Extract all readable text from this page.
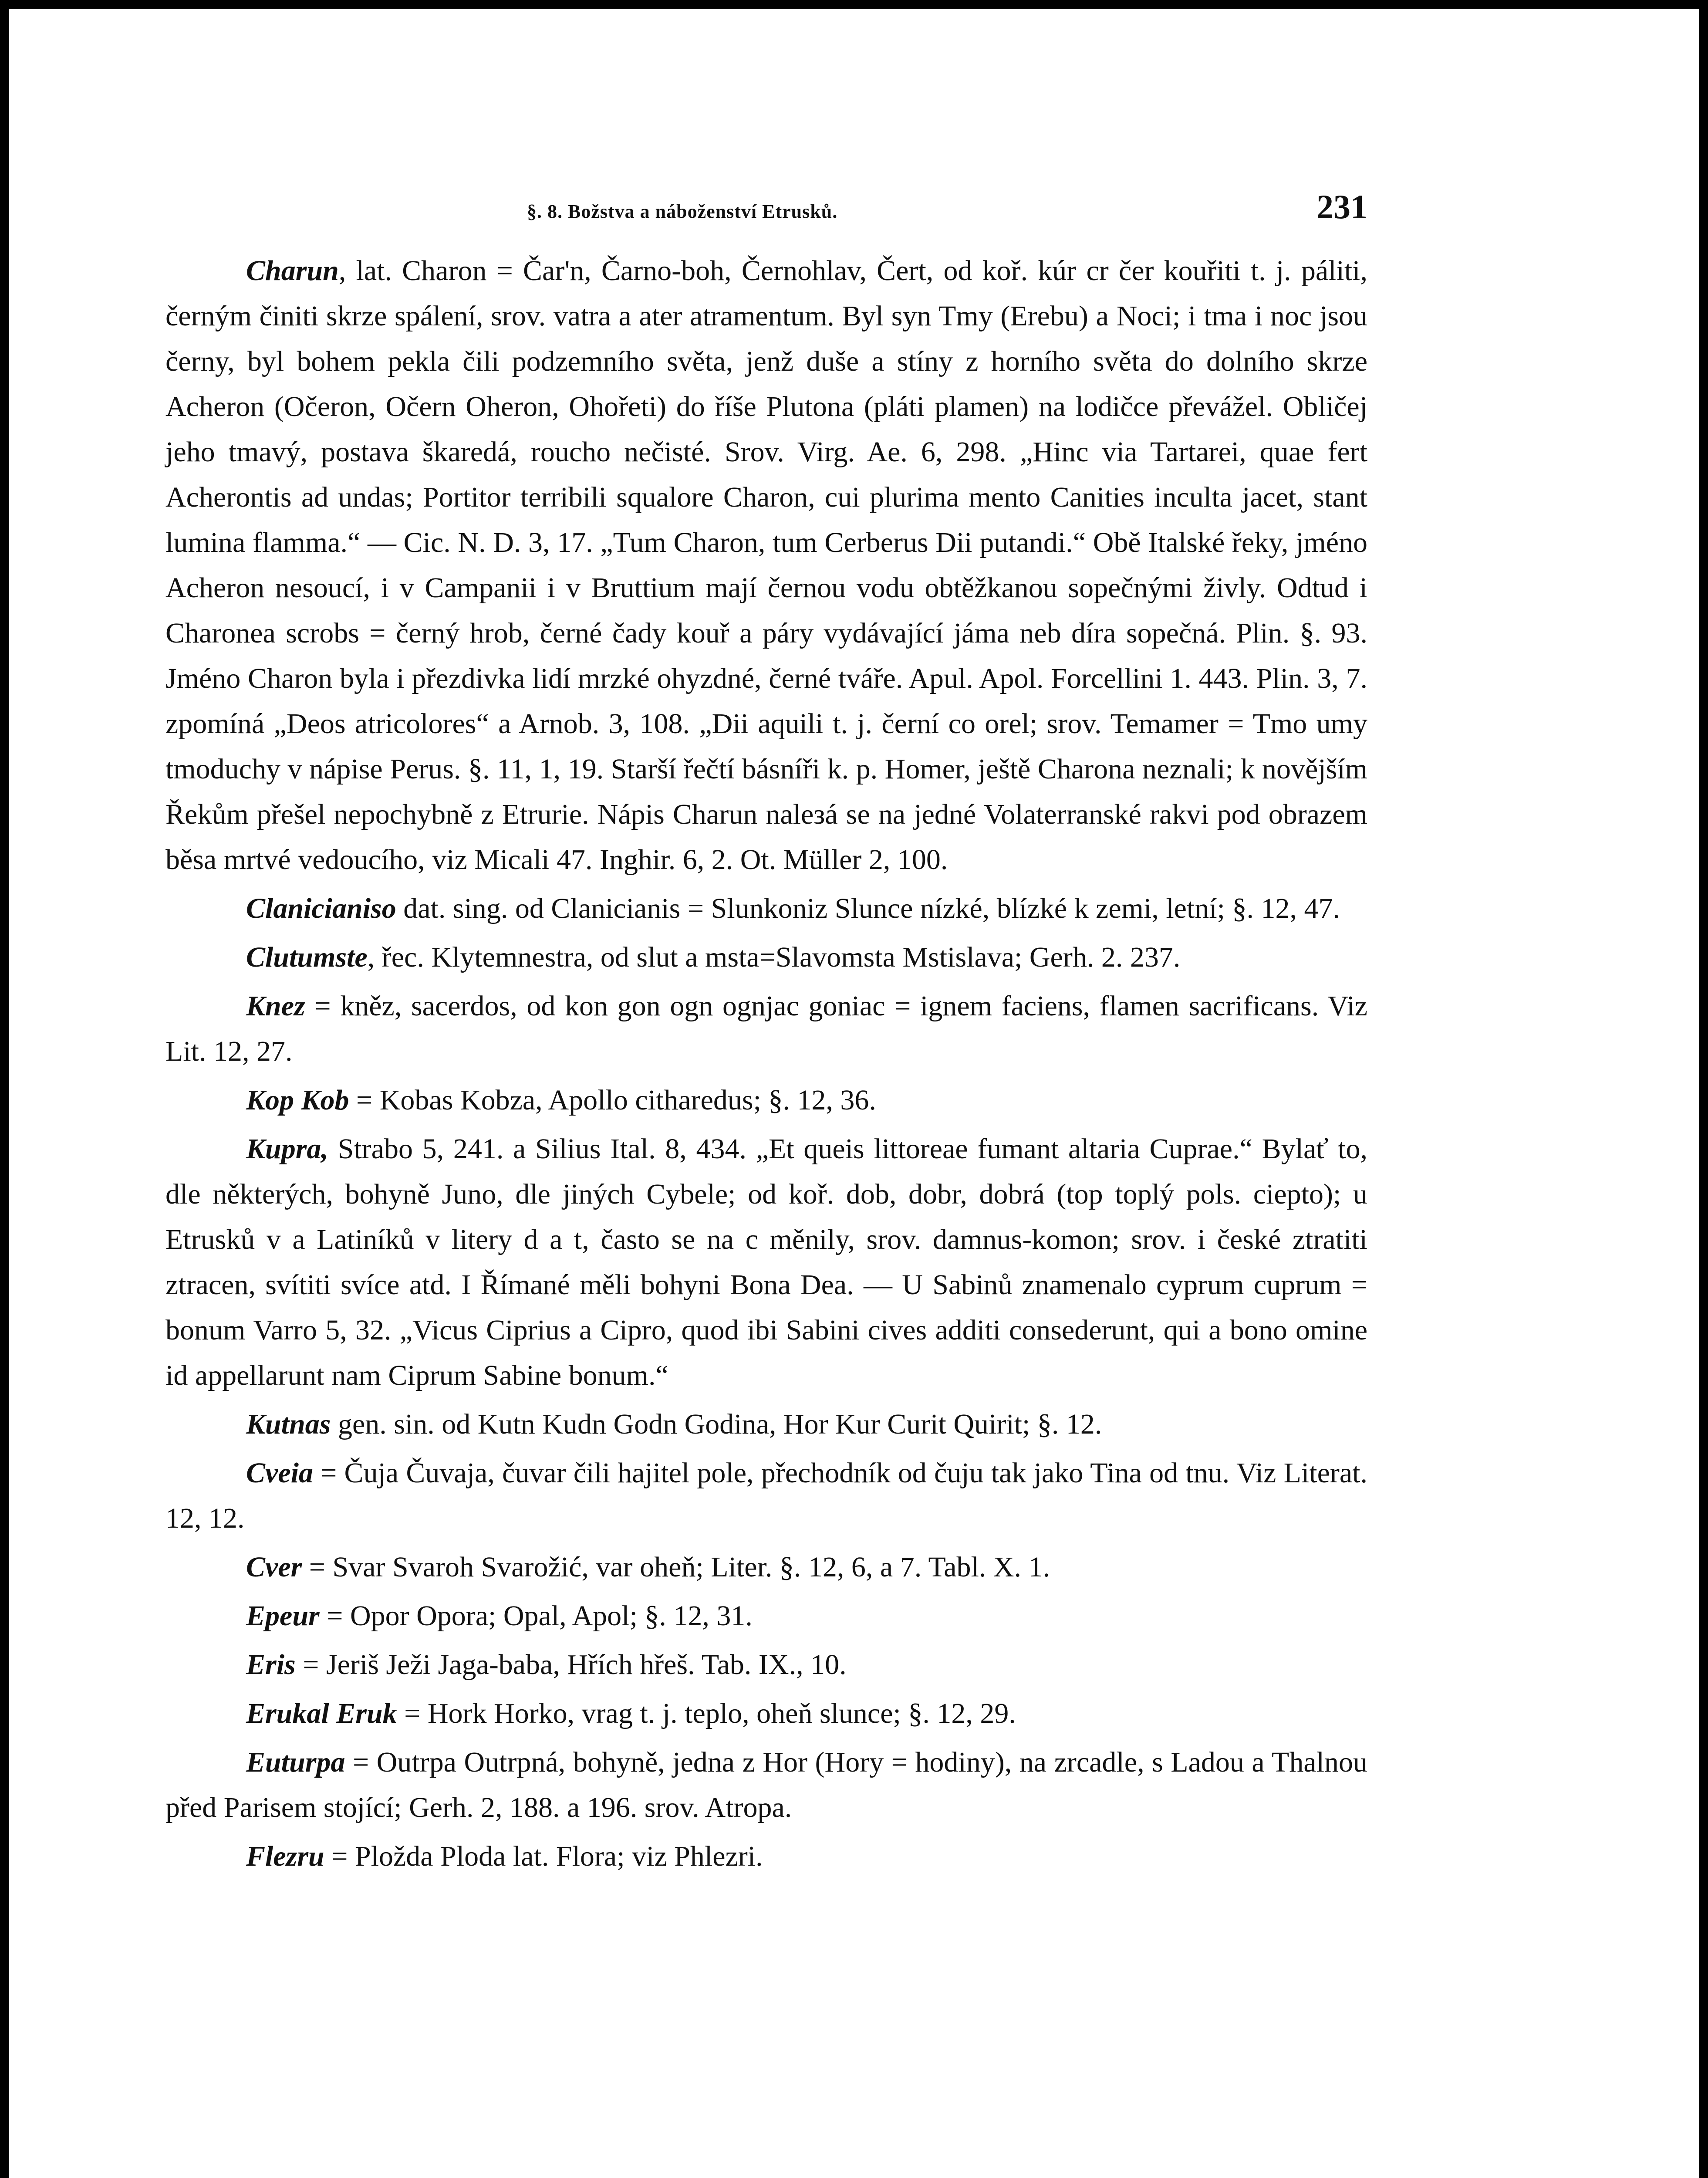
§. 8. Božstva a náboženství Etrusků.	231

Charun, lat. Charon = Čar'n, Čarno-boh, Černohlav, Čert, od koř. kúr cr čer kouřiti t. j. páliti, černým činiti skrze spálení, srov. vatra a ater atramentum. Byl syn Tmy (Erebu) a Noci; i tma i noc jsou černy, byl bohem pekla čili podzemního světa, jenž duše a stíny z horního světa do dolního skrze Acheron (Očeron, Očern Oheron, Ohořeti) do říše Plutona (pláti plamen) na lodičce převážel. Obličej jeho tmavý, postava škaredá, roucho nečisté. Srov. Virg. Ae. 6, 298. „Hinc via Tartarei, quae fert Acherontis ad undas; Portitor terribili squalore Charon, cui plurima mento Canities inculta jacet, stant lumina flamma.“ — Cic. N. D. 3, 17. „Tum Charon, tum Cerberus Dii putandi.“ Obě Italské řeky, jméno Acheron nesoucí, i v Campanii i v Bruttium mají černou vodu obtěžkanou sopečnými živly. Odtud i Charonea scrobs = černý hrob, černé čady kouř a páry vydávající jáma neb díra sopečná. Plin. §. 93. Jméno Charon byla i přezdivka lidí mrzké ohyzdné, černé tváře. Apul. Apol. Forcellini 1. 443. Plin. 3, 7. zpomíná „Deos atricolores“ a Arnob. 3, 108. „Dii aquili t. j. černí co orel; srov. Temamer = Tmo umy tmoduchy v nápise Perus. §. 11, 1, 19. Starší řečtí básníři k. p. Homer, ještě Charona neznali; k novějším Řekům přešel nepochybně z Etrurie. Nápis Charun naleзá se na jedné Volaterranské rakvi pod obrazem běsa mrtvé vedoucího, viz Micali 47. Inghir. 6, 2. Ot. Müller 2, 100.

Clanicianiso dat. sing. od Clanicianis = Slunkoniz Slunce nízké, blízké k zemi, letní; §. 12, 47.

Clutumste, řec. Klytemnestra, od slut a msta=Slavomsta Mstislava; Gerh. 2. 237.

Knez = kněz, sacerdos, od kon gon ogn ognjac goniac = ignem faciens, flamen sacrificans. Viz Lit. 12, 27.

Kop Kob = Kobas Kobza, Apollo citharedus; §. 12, 36.

Kupra, Strabo 5, 241. a Silius Ital. 8, 434. „Et queis littoreae fumant altaria Cuprae.“ Bylať to, dle některých, bohyně Juno, dle jiných Cybele; od koř. dob, dobr, dobrá (top toplý pols. ciepto); u Etrusků v a Latiníků v litery d a t, často se na c měnily, srov. damnus-komon; srov. i české ztratiti ztracen, svítiti svíce atd. I Římané měli bohyni Bona Dea. — U Sabinů znamenalo cyprum cuprum = bonum Varro 5, 32. „Vicus Ciprius a Cipro, quod ibi Sabini cives additi consederunt, qui a bono omine id appellarunt nam Ciprum Sabine bonum.“

Kutnas gen. sin. od Kutn Kudn Godn Godina, Hor Kur Curit Quirit; §. 12.

Cveia = Čuja Čuvaja, čuvar čili hajitel pole, přechodník od čuju tak jako Tina od tnu. Viz Literat. 12, 12.

Cver = Svar Svaroh Svarožić, var oheň; Liter. §. 12, 6, a 7. Tabl. X. 1.

Epeur = Opor Opora; Opal, Apol; §. 12, 31.

Eris = Jeriš Ježi Jaga-baba, Hřích hřeš. Tab. IX., 10.

Erukal Eruk = Hork Horko, vrag t. j. teplo, oheň slunce; §. 12, 29.

Euturpa = Outrpa Outrpná, bohyně, jedna z Hor (Hory = hodiny), na zrcadle, s Ladou a Thalnou před Parisem stojící; Gerh. 2, 188. a 196. srov. Atropa.

Flezru = Pložda Ploda lat. Flora; viz Phlezri.
